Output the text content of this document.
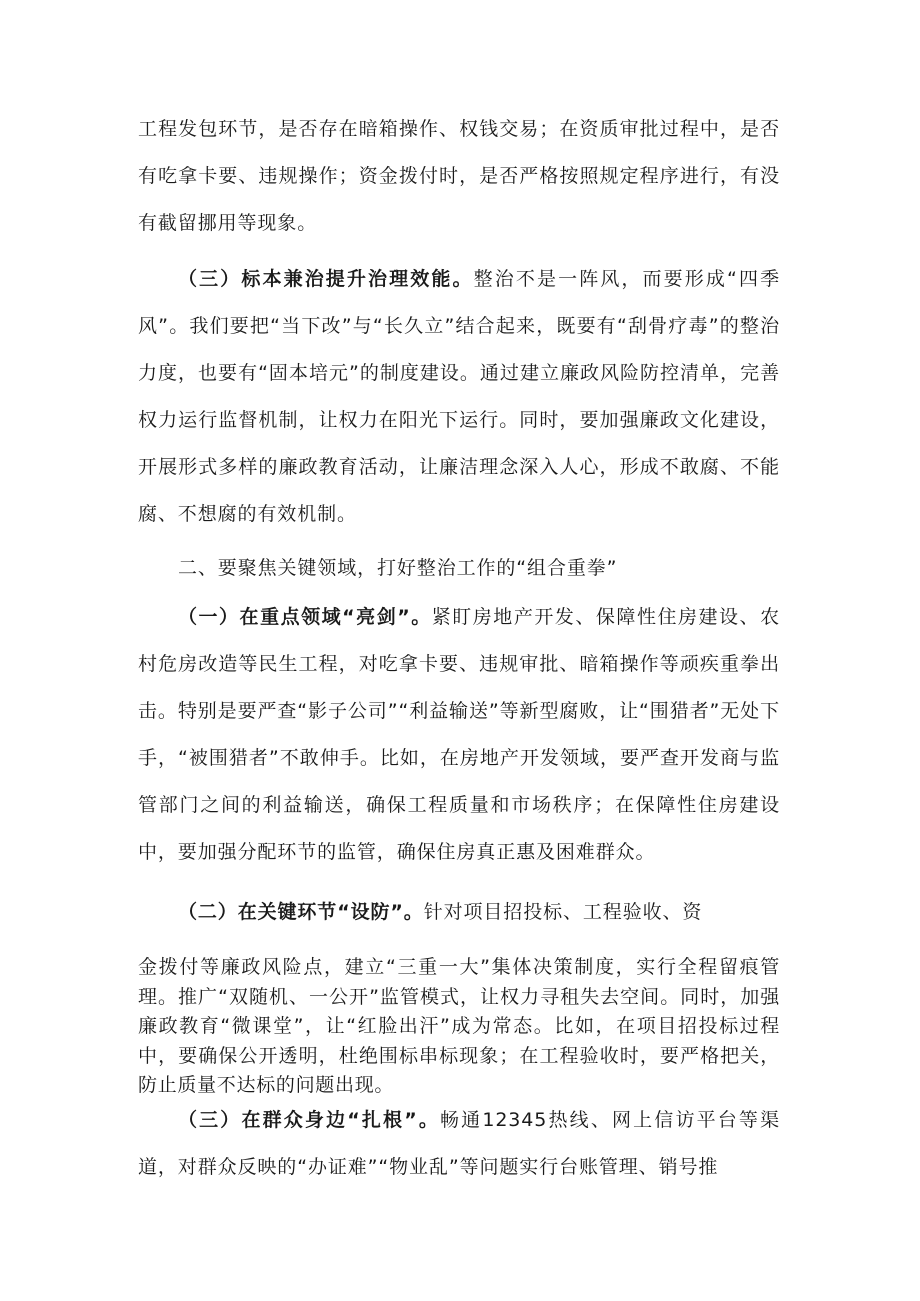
工程发包环节，是否存在暗箱操作、权钱交易；在资质审批过程中，是否有吃拿卡要、违规操作；资金拨付时，是否严格按照规定程序进行，有没有截留挪用等现象。

（三）标本兼治提升治理效能。整治不是一阵风，而要形成“四季风”。我们要把“当下改”与“长久立”结合起来，既要有“刮骨疗毒”的整治力度，也要有“固本培元”的制度建设。通过建立廉政风险防控清单，完善权力运行监督机制，让权力在阳光下运行。同时，要加强廉政文化建设，开展形式多样的廉政教育活动，让廉洁理念深入人心，形成不敢腐、不能腐、不想腐的有效机制。

二、要聚焦关键领域，打好整治工作的“组合重拳”

（一）在重点领域“亮剑”。紧盯房地产开发、保障性住房建设、农村危房改造等民生工程，对吃拿卡要、违规审批、暗箱操作等顽疾重拳出击。特别是要严查“影子公司”“利益输送”等新型腐败，让“围猎者”无处下手，“被围猎者”不敢伸手。比如，在房地产开发领域，要严查开发商与监管部门之间的利益输送，确保工程质量和市场秩序；在保障性住房建设中，要加强分配环节的监管，确保住房真正惠及困难群众。

（二）在关键环节“设防”。针对项目招投标、工程验收、资

金拨付等廉政风险点，建立“三重一大”集体决策制度，实行全程留痕管理。推广“双随机、一公开”监管模式，让权力寻租失去空间。同时，加强廉政教育“微课堂”，让“红脸出汗”成为常态。比如，在项目招投标过程中，要确保公开透明，杜绝围标串标现象；在工程验收时，要严格把关，防止质量不达标的问题出现。

（三）在群众身边“扎根”。畅通12345热线、网上信访平台等渠道，对群众反映的“办证难”“物业乱”等问题实行台账管理、销号推
